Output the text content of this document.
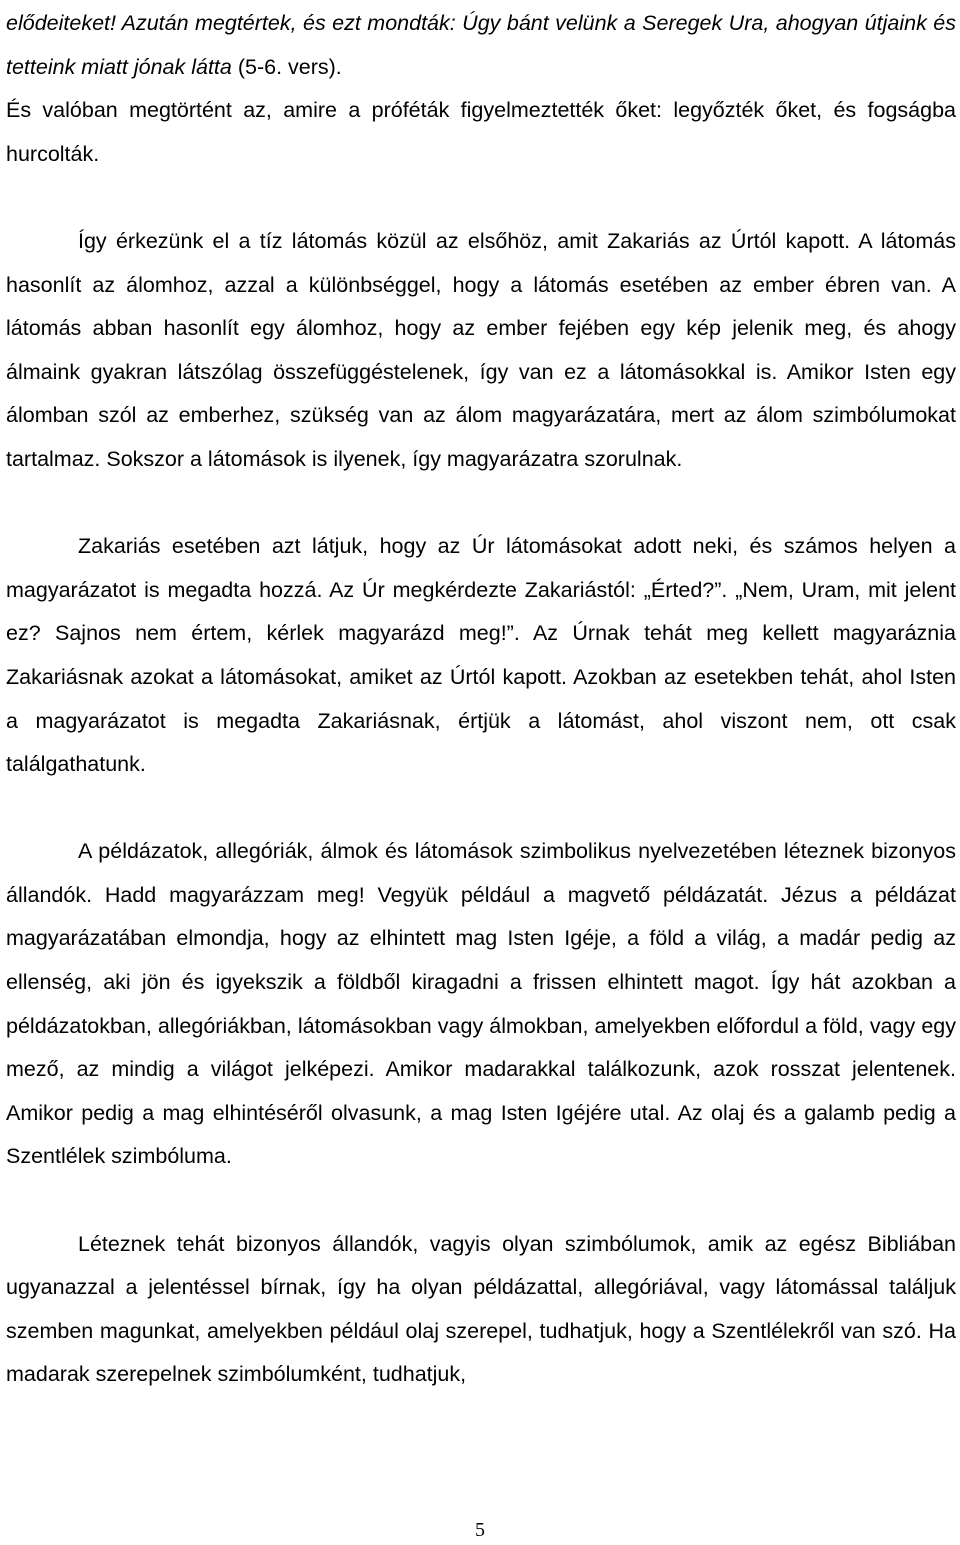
elődeiteket! Azután megtértek, és ezt mondták: Úgy bánt velünk a Seregek Ura, ahogyan útjaink és tetteink miatt jónak látta (5-6. vers).

És valóban megtörtént az, amire a próféták figyelmeztették őket: legyőzték őket, és fogságba hurcolták.

Így érkezünk el a tíz látomás közül az elsőhöz, amit Zakariás az Úrtól kapott. A látomás hasonlít az álomhoz, azzal a különbséggel, hogy a látomás esetében az ember ébren van. A látomás abban hasonlít egy álomhoz, hogy az ember fejében egy kép jelenik meg, és ahogy álmaink gyakran látszólag összefüggéstelenek, így van ez a látomásokkal is. Amikor Isten egy álomban szól az emberhez, szükség van az álom magyarázatára, mert az álom szimbólumokat tartalmaz. Sokszor a látomások is ilyenek, így magyarázatra szorulnak.

Zakariás esetében azt látjuk, hogy az Úr látomásokat adott neki, és számos helyen a magyarázatot is megadta hozzá. Az Úr megkérdezte Zakariástól: „Érted?”. „Nem, Uram, mit jelent ez? Sajnos nem értem, kérlek magyarázd meg!”. Az Úrnak tehát meg kellett magyaráznia Zakariásnak azokat a látomásokat, amiket az Úrtól kapott. Azokban az esetekben tehát, ahol Isten a magyarázatot is megadta Zakariásnak, értjük a látomást, ahol viszont nem, ott csak találgathatunk.

A példázatok, allegóriák, álmok és látomások szimbolikus nyelvezetében léteznek bizonyos állandók. Hadd magyarázzam meg! Vegyük például a magvető példázatát. Jézus a példázat magyarázatában elmondja, hogy az elhintett mag Isten Igéje, a föld a világ, a madár pedig az ellenség, aki jön és igyekszik a földből kiragadni a frissen elhintett magot. Így hát azokban a példázatokban, allegóriákban, látomásokban vagy álmokban, amelyekben előfordul a föld, vagy egy mező, az mindig a világot jelképezi. Amikor madarakkal találkozunk, azok rosszat jelentenek. Amikor pedig a mag elhintéséről olvasunk, a mag Isten Igéjére utal. Az olaj és a galamb pedig a Szentlélek szimbóluma.

Léteznek tehát bizonyos állandók, vagyis olyan szimbólumok, amik az egész Bibliában ugyanazzal a jelentéssel bírnak, így ha olyan példázattal, allegóriával, vagy látomással találjuk szemben magunkat, amelyekben például olaj szerepel, tudhatjuk, hogy a Szentlélekről van szó. Ha madarak szerepelnek szimbólumként, tudhatjuk,

5
